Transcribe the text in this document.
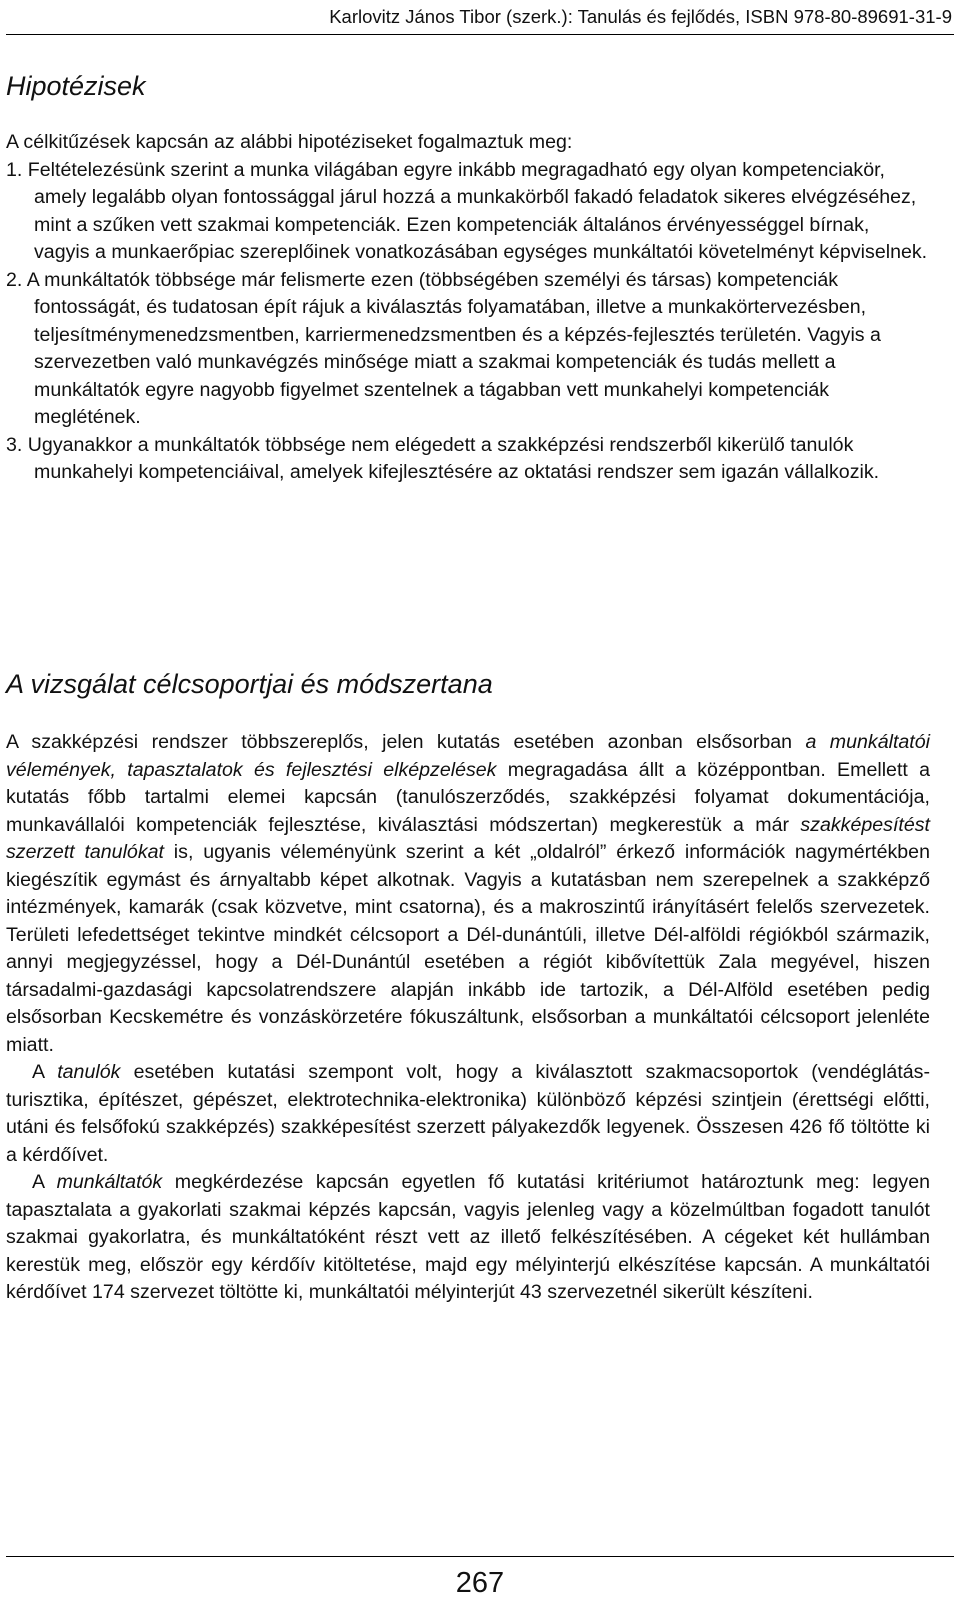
Karlovitz János Tibor (szerk.): Tanulás és fejlődés, ISBN 978-80-89691-31-9
Hipotézisek

A célkitűzések kapcsán az alábbi hipotéziseket fogalmaztuk meg:

1. Feltételezésünk szerint a munka világában egyre inkább megragadható egy olyan kompetenciakör, amely legalább olyan fontossággal járul hozzá a munkakörből fakadó feladatok sikeres elvégzéséhez, mint a szűken vett szakmai kompetenciák. Ezen kompetenciák általános érvényességgel bírnak, vagyis a munkaerőpiac szereplőinek vonatkozásában egységes munkáltatói követelményt képviselnek.

2. A munkáltatók többsége már felismerte ezen (többségében személyi és társas) kompetenciák fontosságát, és tudatosan épít rájuk a kiválasztás folyamatában, illetve a munkakörtervezésben, teljesítménymenedzsmentben, karriermenedzsmentben és a képzés-fejlesztés területén. Vagyis a szervezetben való munkavégzés minősége miatt a szakmai kompetenciák és tudás mellett a munkáltatók egyre nagyobb figyelmet szentelnek a tágabban vett munkahelyi kompetenciák meglétének.

3. Ugyanakkor a munkáltatók többsége nem elégedett a szakképzési rendszerből kikerülő tanulók munkahelyi kompetenciáival, amelyek kifejlesztésére az oktatási rendszer sem igazán vállalkozik.

A vizsgálat célcsoportjai és módszertana

A szakképzési rendszer többszereplős, jelen kutatás esetében azonban elsősorban a munkáltatói vélemények, tapasztalatok és fejlesztési elképzelések megragadása állt a középpontban. Emellett a kutatás főbb tartalmi elemei kapcsán (tanulószerződés, szakképzési folyamat dokumentációja, munkavállalói kompetenciák fejlesztése, kiválasztási módszertan) megkerestük a már szakképesítést szerzett tanulókat is, ugyanis véleményünk szerint a két „oldalról” érkező információk nagymértékben kiegészítik egymást és árnyaltabb képet alkotnak. Vagyis a kutatásban nem szerepelnek a szakképző intézmények, kamarák (csak közvetve, mint csatorna), és a makroszintű irányításért felelős szervezetek. Területi lefedettséget tekintve mindkét célcsoport a Dél-dunántúli, illetve Dél-alföldi régiókból származik, annyi megjegyzéssel, hogy a Dél-Dunántúl esetében a régiót kibővítettük Zala megyével, hiszen társadalmi-gazdasági kapcsolatrendszere alapján inkább ide tartozik, a Dél-Alföld esetében pedig elsősorban Kecskemétre és vonzáskörzetére fókuszáltunk, elsősorban a munkáltatói célcsoport jelenléte miatt.

A tanulók esetében kutatási szempont volt, hogy a kiválasztott szakmacsoportok (vendéglátás-turisztika, építészet, gépészet, elektrotechnika-elektronika) különböző képzési szintjein (érettségi előtti, utáni és felsőfokú szakképzés) szakképesítést szerzett pályakezdők legyenek. Összesen 426 fő töltötte ki a kérdőívet.

A munkáltatók megkérdezése kapcsán egyetlen fő kutatási kritériumot határoztunk meg: legyen tapasztalata a gyakorlati szakmai képzés kapcsán, vagyis jelenleg vagy a közelmúltban fogadott tanulót szakmai gyakorlatra, és munkáltatóként részt vett az illető felkészítésében. A cégeket két hullámban kerestük meg, először egy kérdőív kitöltetése, majd egy mélyinterjú elkészítése kapcsán. A munkáltatói kérdőívet 174 szervezet töltötte ki, munkáltatói mélyinterjút 43 szervezetnél sikerült készíteni.

267
